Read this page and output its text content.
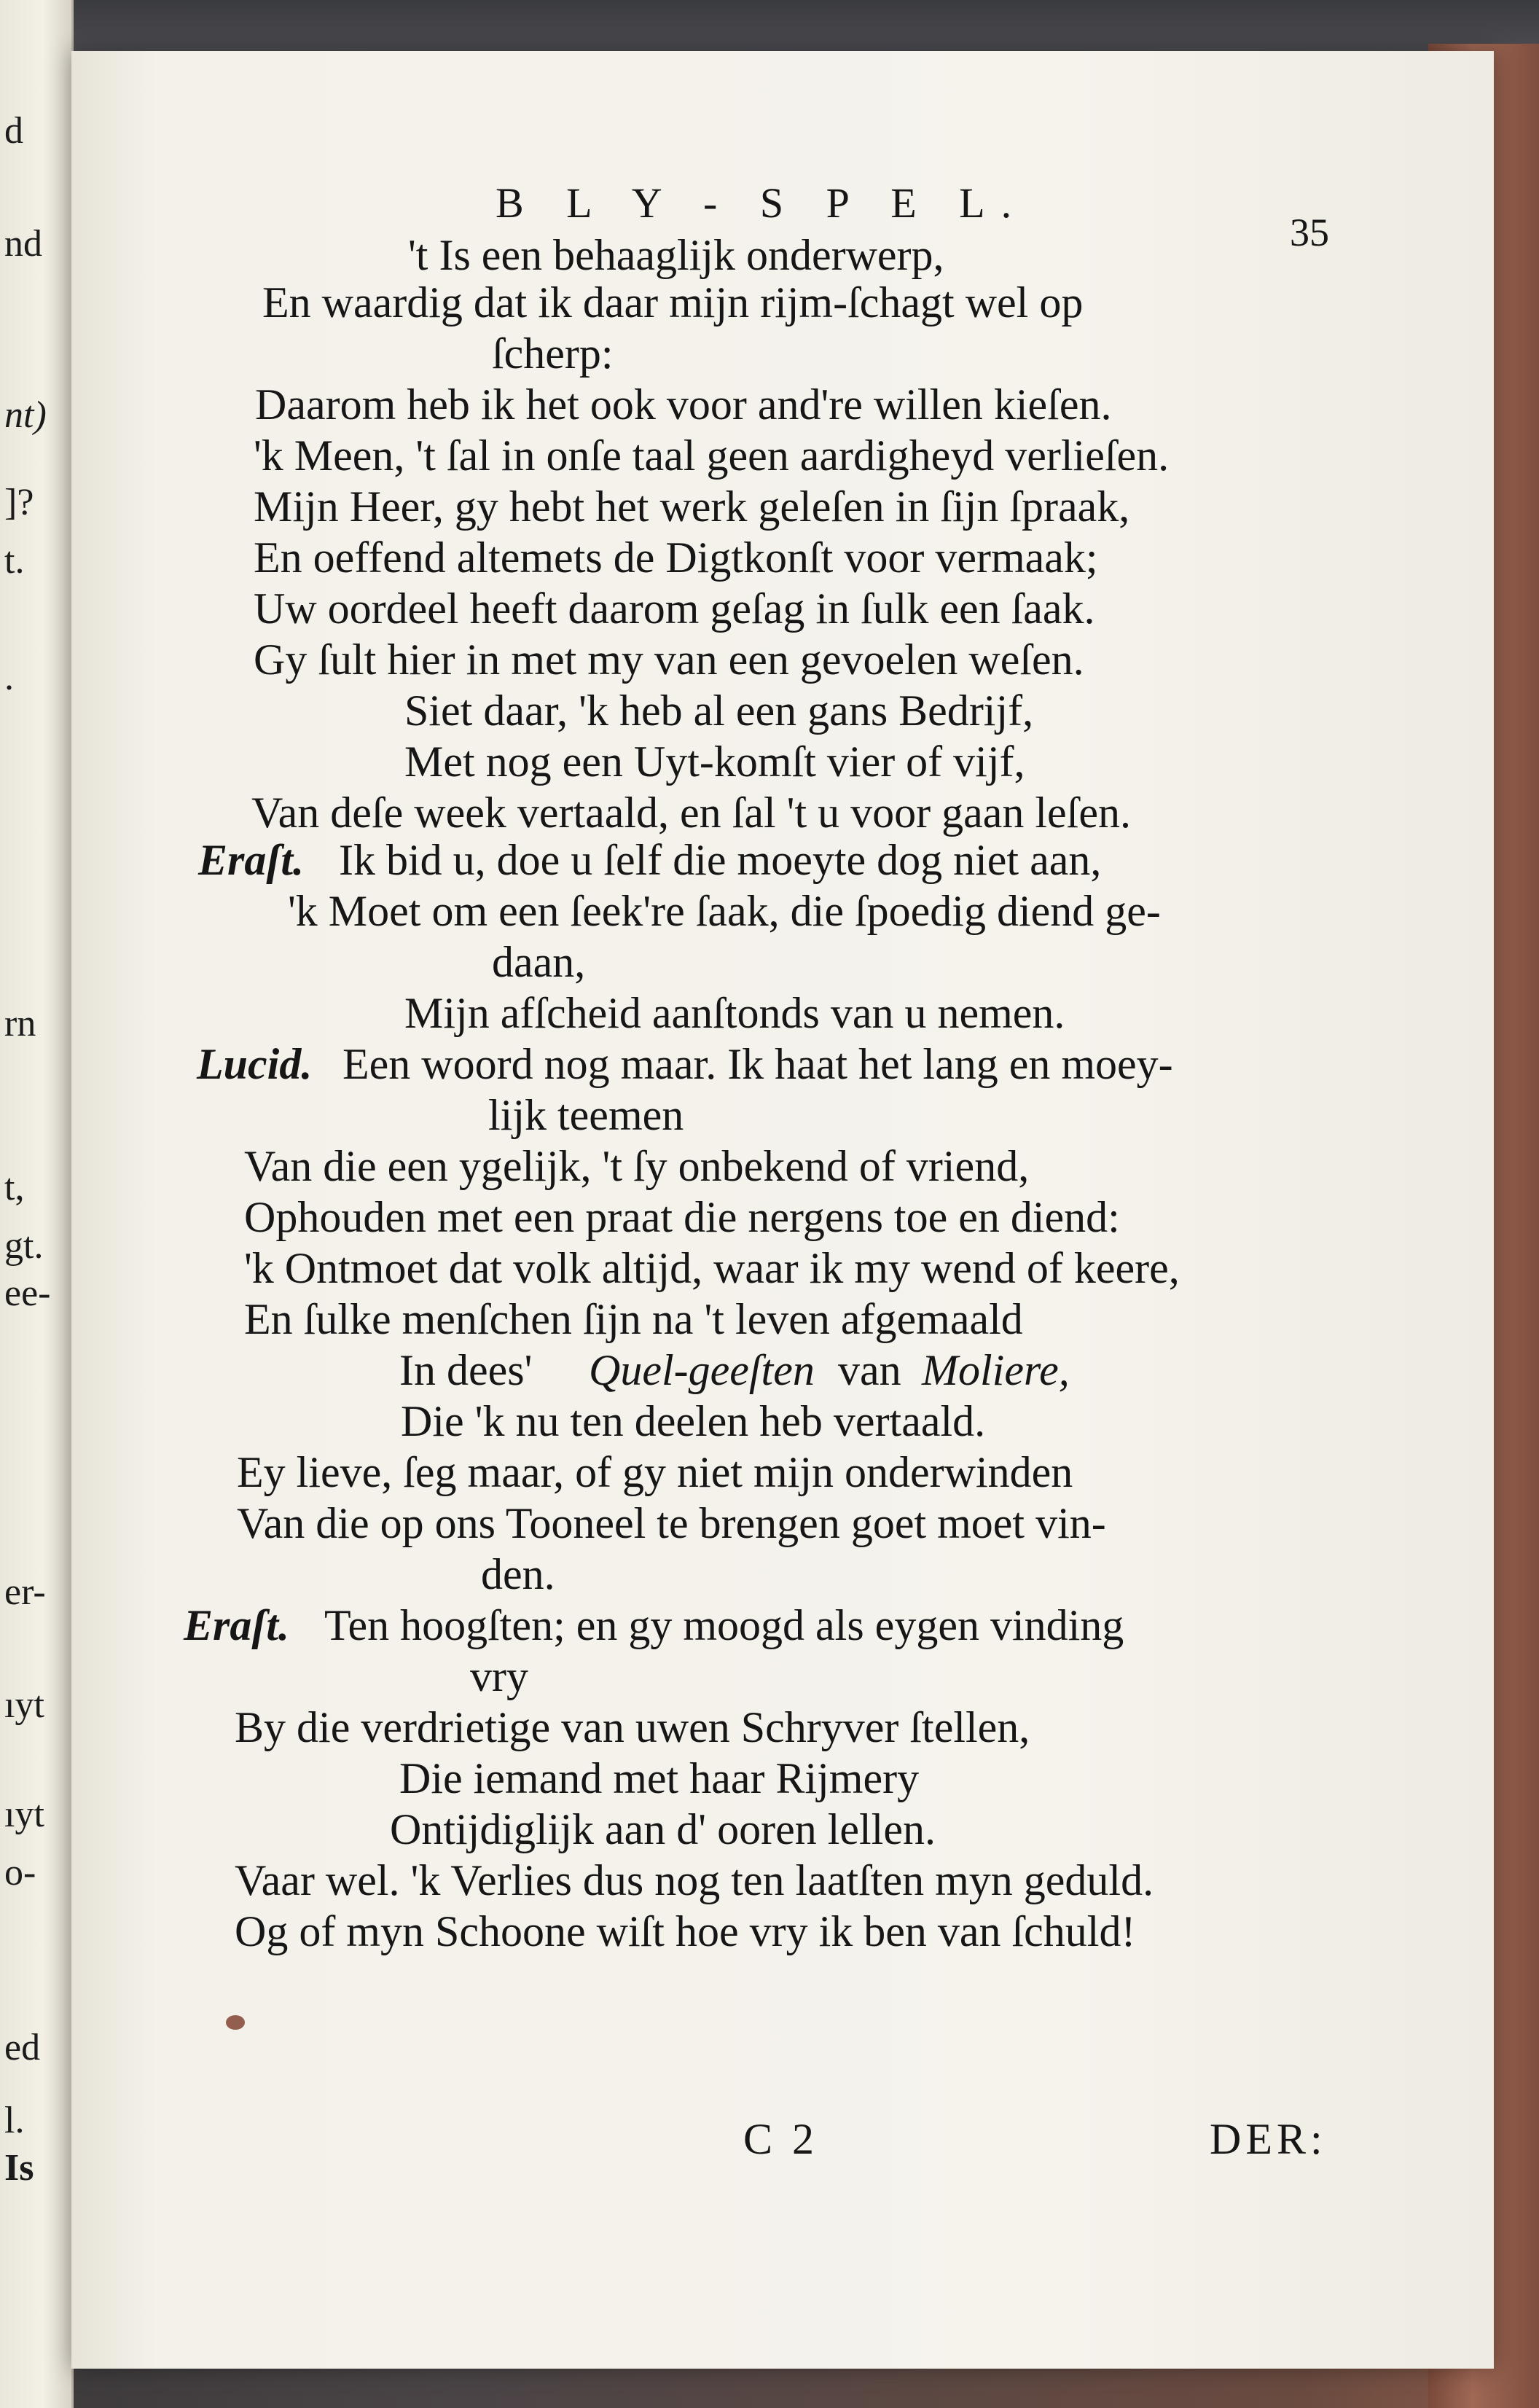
d
nd
nt)
]?
t.
.
rn
t,
gt.
ee-
er-
ıyt
ıyt
o-
ed
l.
Is
B L Y - S P E L.
35
't Is een behaaglijk onderwerp,
En waardig dat ik daar mijn rijm-ſchagt wel op
ſcherp:
Daarom heb ik het ook voor and're willen kieſen.
'k Meen, 't ſal in onſe taal geen aardigheyd verlieſen.
Mijn Heer, gy hebt het werk geleſen in ſijn ſpraak,
En oeffend altemets de Digtkonſt voor vermaak;
Uw oordeel heeft daarom geſag in ſulk een ſaak.
Gy ſult hier in met my van een gevoelen weſen.
Siet daar, 'k heb al een gans Bedrijf,
Met nog een Uyt-komſt vier of vijf,
Van deſe week vertaald, en ſal 't u voor gaan leſen.
Eraſt. Ik bid u, doe u ſelf die moeyte dog niet aan,
'k Moet om een ſeek're ſaak, die ſpoedig diend ge-
daan,
Mijn afſcheid aanſtonds van u nemen.
Lucid. Een woord nog maar. Ik haat het lang en moey-
lijk teemen
Van die een ygelijk, 't ſy onbekend of vriend,
Ophouden met een praat die nergens toe en diend:
'k Ontmoet dat volk altijd, waar ik my wend of keere,
En ſulke menſchen ſijn na 't leven afgemaald
In dees' Quel-geeſten van Moliere,
Die 'k nu ten deelen heb vertaald.
Ey lieve, ſeg maar, of gy niet mijn onderwinden
Van die op ons Tooneel te brengen goet moet vin-
den.
Eraſt. Ten hoogſten; en gy moogd als eygen vinding
vry
By die verdrietige van uwen Schryver ſtellen,
Die iemand met haar Rijmery
Ontijdiglijk aan d' ooren lellen.
Vaar wel. 'k Verlies dus nog ten laatſten myn geduld.
Og of myn Schoone wiſt hoe vry ik ben van ſchuld!
C 2	DER:
